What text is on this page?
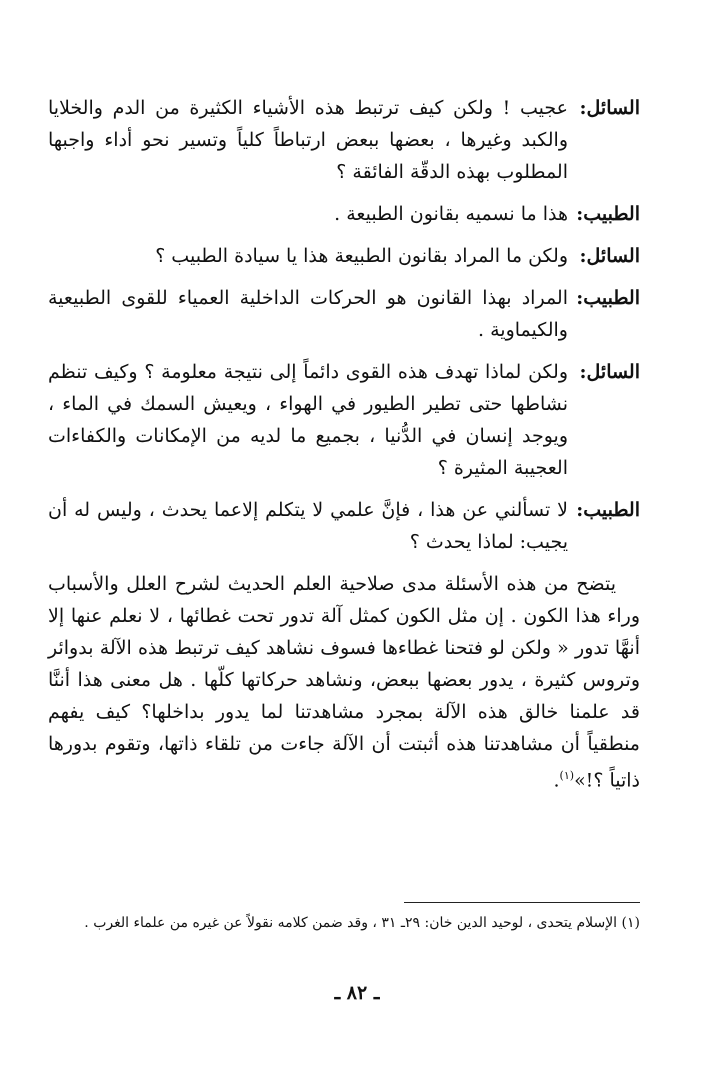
السائل:
عجيب ! ولكن كيف ترتبط هذه الأشياء الكثيرة من الدم والخلايا والكبد وغيرها ، بعضها ببعض ارتباطاً كلياً وتسير نحو أداء واجبها المطلوب بهذه الدقّة الفائقة ؟
الطبيب:
هذا ما نسميه بقانون الطبيعة .
السائل:
ولكن ما المراد بقانون الطبيعة هذا يا سيادة الطبيب ؟
الطبيب:
المراد بهذا القانون هو الحركات الداخلية العمياء للقوى الطبيعية والكيماوية .
السائل:
ولكن لماذا تهدف هذه القوى دائماً إلى نتيجة معلومة ؟ وكيف تنظم نشاطها حتى تطير الطيور في الهواء ، ويعيش السمك في الماء ، ويوجد إنسان في الدُّنيا ، بجميع ما لديه من الإمكانات والكفاءات العجيبة المثيرة ؟
الطبيب:
لا تسألني عن هذا ، فإنَّ علمي لا يتكلم إلاعما يحدث ، وليس له أن يجيب: لماذا يحدث ؟

يتضح من هذه الأسئلة مدى صلاحية العلم الحديث لشرح العلل والأسباب وراء هذا الكون . إن مثل الكون كمثل آلة تدور تحت غطائها ، لا نعلم عنها إلا أنهَّا تدور « ولكن لو فتحنا غطاءها فسوف نشاهد كيف ترتبط هذه الآلة بدوائر وتروس كثيرة ، يدور بعضها ببعض، ونشاهد حركاتها كلّها . هل معنى هذا أننَّا قد علمنا خالق هذه الآلة بمجرد مشاهدتنا لما يدور بداخلها؟ كيف يفهم منطقياً أن مشاهدتنا هذه أثبتت أن الآلة جاءت من تلقاء ذاتها، وتقوم بدورها ذاتياً ؟!»$^{(١)}$.

(١) الإسلام يتحدى ، لوحيد الدين خان: ٢٩ـ ٣١ ، وقد ضمن كلامه نقولاً عن غيره من علماء الغرب .
ـ ٨٢ ـ
